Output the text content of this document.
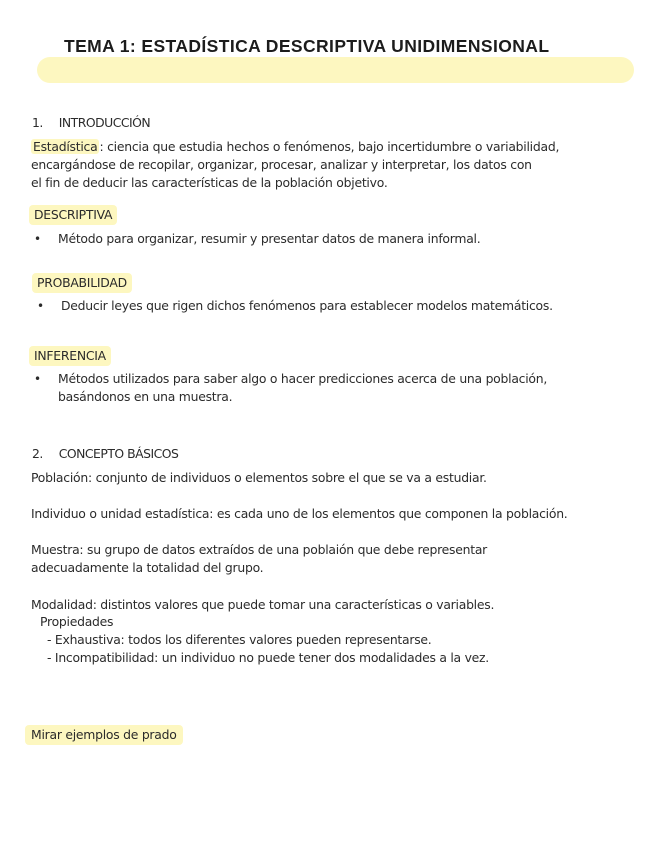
TEMA 1: ESTADÍSTICA DESCRIPTIVA UNIDIMENSIONAL
1. INTRODUCCIÓN
Estadística : ciencia que estudia hechos o fenómenos, bajo incertidumbre o variabilidad,
encargándose de recopilar, organizar, procesar, analizar y interpretar, los datos con
el fin de deducir las características de la población objetivo.
DESCRIPTIVA
• Método para organizar, resumir y presentar datos de manera informal.
PROBABILIDAD
• Deducir leyes que rigen dichos fenómenos para establecer modelos matemáticos.
INFERENCIA
• Métodos utilizados para saber algo o hacer predicciones acerca de una población,
basándonos en una muestra.
2. CONCEPTO BÁSICOS
Población: conjunto de individuos o elementos sobre el que se va a estudiar.
Individuo o unidad estadística: es cada uno de los elementos que componen la población.
Muestra: su grupo de datos extraídos de una poblaión que debe representar
adecuadamente la totalidad del grupo.
Modalidad: distintos valores que puede tomar una características o variables.
Propiedades
- Exhaustiva: todos los diferentes valores pueden representarse.
- Incompatibilidad: un individuo no puede tener dos modalidades a la vez.
Mirar ejemplos de prado
